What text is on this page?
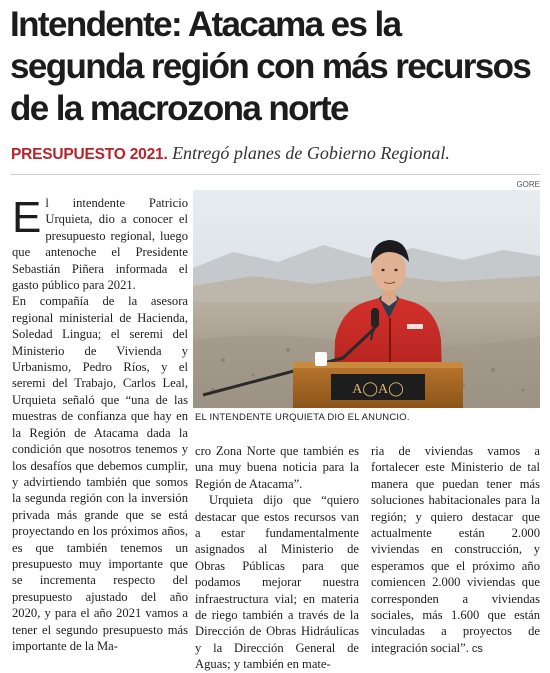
Intendente: Atacama es la
segunda región con más recursos
de la macrozona norte
PRESUPUESTO 2021. Entregó planes de Gobierno Regional.
GORE
A◯A◯
EL INTENDENTE URQUIETA DIO EL ANUNCIO.

El intendente Patricio Urquieta, dio a conocer el presupuesto regional, luego que antenoche el Presidente Sebastián Piñera informada el gasto público para 2021.

En compañía de la asesora regional ministerial de Hacienda, Soledad Lingua; el seremi del Ministerio de Vivienda y Urbanismo, Pedro Ríos, y el seremi del Trabajo, Carlos Leal, Urquieta señaló que “una de las muestras de confianza que hay en la Región de Atacama dada la condición que nosotros tenemos y los desafíos que debemos cumplir, y advirtiendo también que somos la segunda región con la inversión privada más grande que se está proyectando en los próximos años, es que también tenemos un presupuesto muy importante que se incrementa respecto del presupuesto ajustado del año 2020, y para el año 2021 vamos a tener el segundo presupuesto más importante de la Ma-

cro Zona Norte que también es una muy buena noticia para la Región de Atacama”.

Urquieta dijo que “quiero destacar que estos recursos van a estar fundamentalmente asignados al Ministerio de Obras Públicas para que podamos mejorar nuestra infraestructura vial; en materia de riego también a través de la Dirección de Obras Hidráulicas y la Dirección General de Aguas; y también en mate-

ria de viviendas vamos a fortalecer este Ministerio de tal manera que puedan tener más soluciones habitacionales para la región; y quiero destacar que actualmente están 2.000 viviendas en construcción, y esperamos que el próximo año comiencen 2.000 viviendas que corresponden a viviendas sociales, más 1.600 que están vinculadas a proyectos de integración social”. cs
